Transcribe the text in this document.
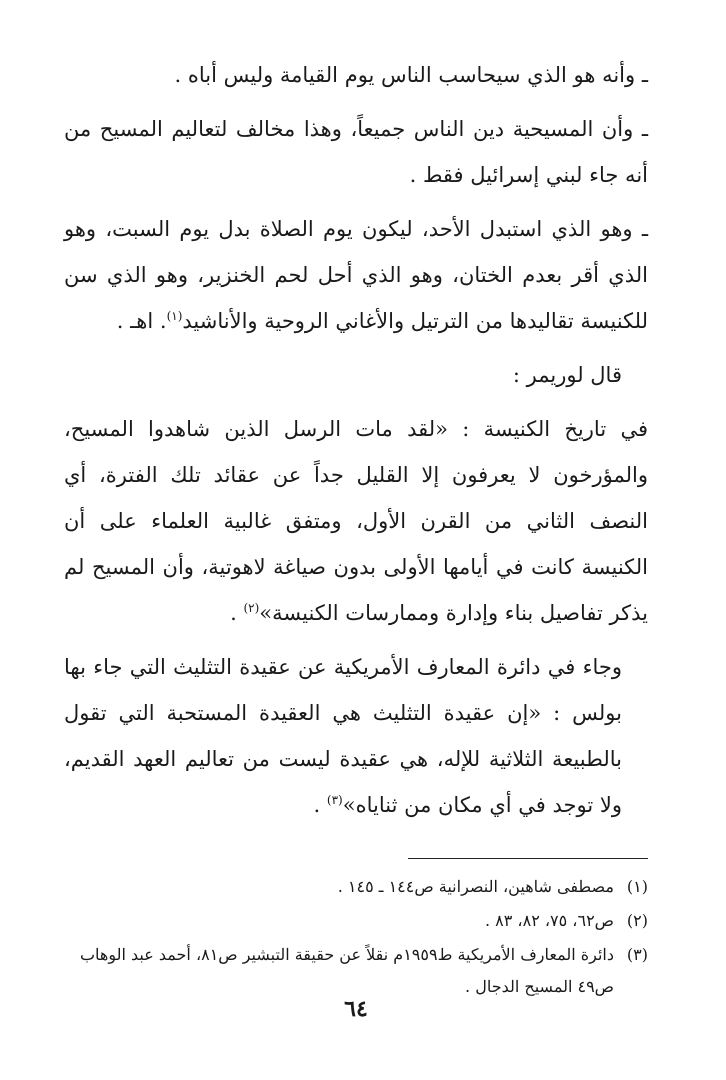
ـ وأنه هو الذي سيحاسب الناس يوم القيامة وليس أباه .

ـ وأن المسيحية دين الناس جميعاً، وهذا مخالف لتعاليم المسيح من أنه جاء لبني إسرائيل فقط .

ـ وهو الذي استبدل الأحد، ليكون يوم الصلاة بدل يوم السبت، وهو الذي أقر بعدم الختان، وهو الذي أحل لحم الخنزير، وهو الذي سن للكنيسة تقاليدها من الترتيل والأغاني الروحية والأناشيد$^{(١)}$. اهـ .

قال لوريمر :

في تاريخ الكنيسة : «لقد مات الرسل الذين شاهدوا المسيح، والمؤرخون لا يعرفون إلا القليل جداً عن عقائد تلك الفترة، أي النصف الثاني من القرن الأول، ومتفق غالبية العلماء على أن الكنيسة كانت في أيامها الأولى بدون صياغة لاهوتية، وأن المسيح لم يذكر تفاصيل بناء وإدارة وممارسات الكنيسة»$^{(٢)}$ .

وجاء في دائرة المعارف الأمريكية عن عقيدة التثليث التي جاء بها بولس : «إن عقيدة التثليث هي العقيدة المستحبة التي تقول بالطبيعة الثلاثية للإله، هي عقيدة ليست من تعاليم العهد القديم، ولا توجد في أي مكان من ثناياه»$^{(٣)}$ .

(١)
مصطفى شاهين، النصرانية ص١٤٤ ـ ١٤٥ .
(٢)
ص٦٢، ٧٥، ٨٢، ٨٣ .
(٣)
دائرة المعارف الأمريكية ط١٩٥٩م نقلاً عن حقيقة التبشير ص٨١، أحمد عبد الوهاب ص٤٩ المسيح الدجال .
٦٤
